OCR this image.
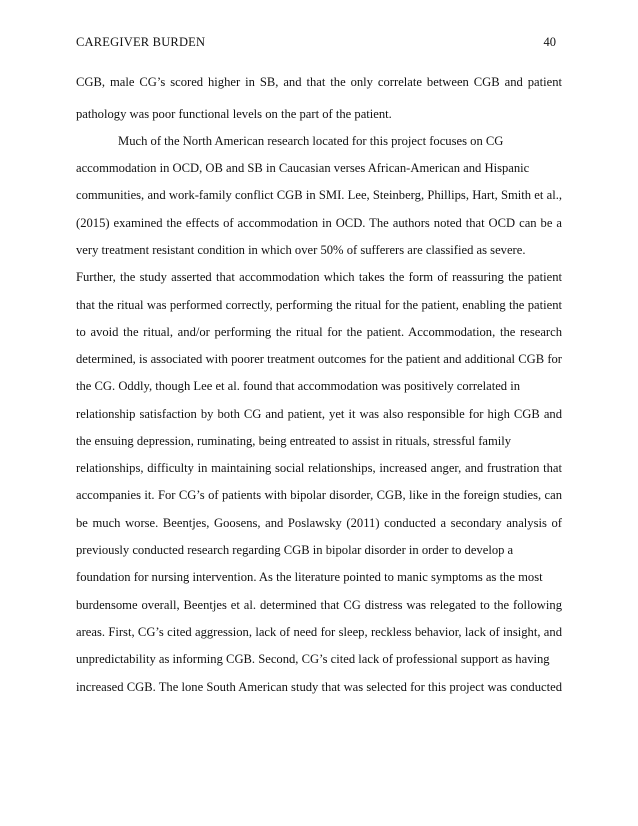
CAREGIVER BURDEN	40
CGB, male CG’s scored higher in SB, and that the only correlate between CGB and patient
pathology was poor functional levels on the part of the patient.
Much of the North American research located for this project focuses on CG
accommodation in OCD, OB and SB in Caucasian verses African-American and Hispanic
communities, and work-family conflict CGB in SMI. Lee, Steinberg, Phillips, Hart, Smith et al.,
(2015) examined the effects of accommodation in OCD. The authors noted that OCD can be a
very treatment resistant condition in which over 50% of sufferers are classified as severe.
Further, the study asserted that accommodation which takes the form of reassuring the patient
that the ritual was performed correctly, performing the ritual for the patient, enabling the patient
to avoid the ritual, and/or performing the ritual for the patient. Accommodation, the research
determined, is associated with poorer treatment outcomes for the patient and additional CGB for
the CG. Oddly, though Lee et al. found that accommodation was positively correlated in
relationship satisfaction by both CG and patient, yet it was also responsible for high CGB and
the ensuing depression, ruminating, being entreated to assist in rituals, stressful family
relationships, difficulty in maintaining social relationships, increased anger, and frustration that
accompanies it. For CG’s of patients with bipolar disorder, CGB, like in the foreign studies, can
be much worse. Beentjes, Goosens, and Poslawsky (2011) conducted a secondary analysis of
previously conducted research regarding CGB in bipolar disorder in order to develop a
foundation for nursing intervention. As the literature pointed to manic symptoms as the most
burdensome overall, Beentjes et al. determined that CG distress was relegated to the following
areas. First, CG’s cited aggression, lack of need for sleep, reckless behavior, lack of insight, and
unpredictability as informing CGB. Second, CG’s cited lack of professional support as having
increased CGB. The lone South American study that was selected for this project was conducted
